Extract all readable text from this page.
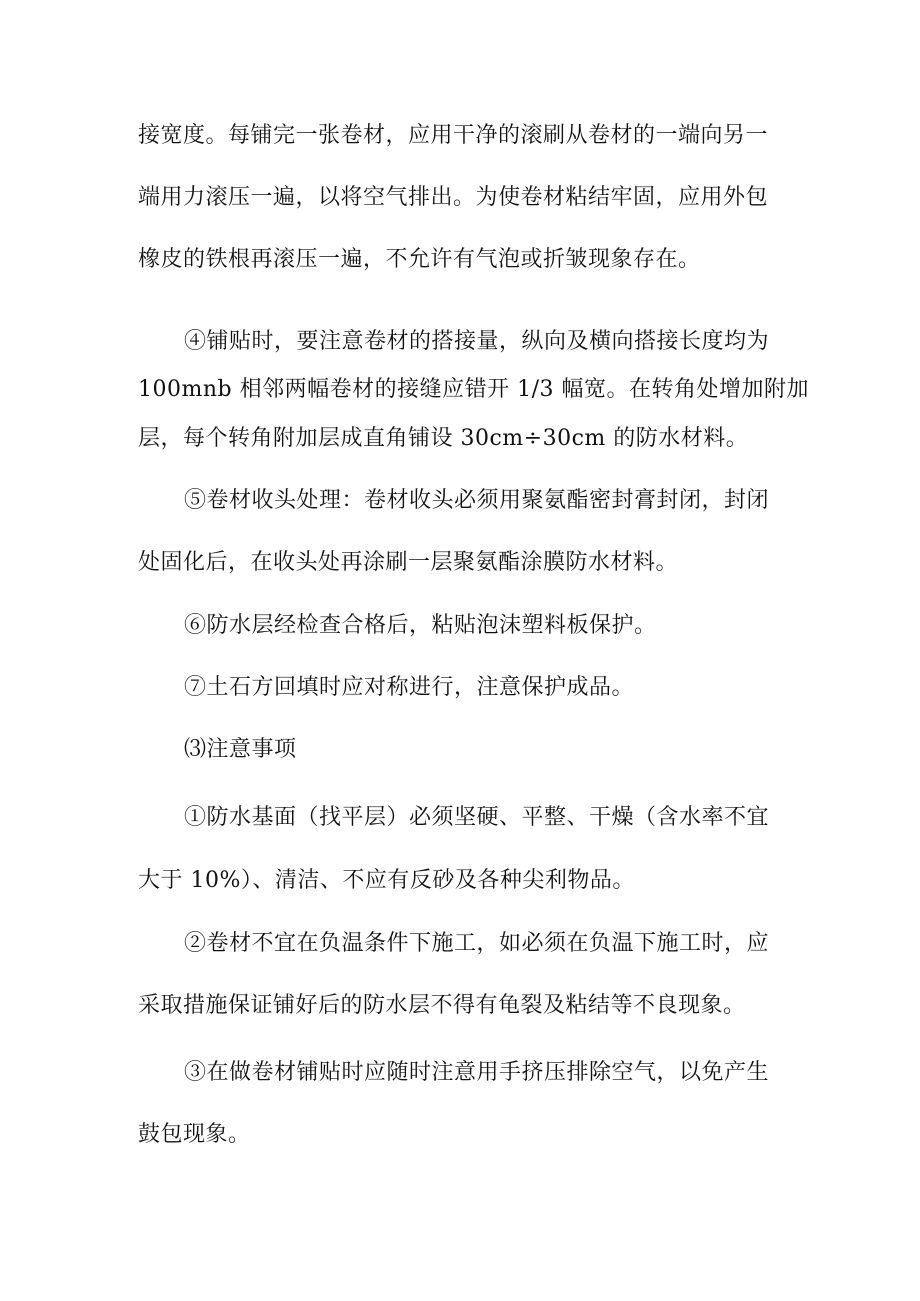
接宽度。每铺完一张卷材，应用干净的滚刷从卷材的一端向另一
端用力滚压一遍，以将空气排出。为使卷材粘结牢固，应用外包
橡皮的铁根再滚压一遍，不允许有气泡或折皱现象存在。
④铺贴时，要注意卷材的搭接量，纵向及横向搭接长度均为
100mnb 相邻两幅卷材的接缝应错开 1/3 幅宽。在转角处增加附加
层，每个转角附加层成直角铺设 30cm÷30cm 的防水材料。
⑤卷材收头处理：卷材收头必须用聚氨酯密封膏封闭，封闭
处固化后，在收头处再涂刷一层聚氨酯涂膜防水材料。
⑥防水层经检查合格后，粘贴泡沫塑料板保护。
⑦土石方回填时应对称进行，注意保护成品。
⑶注意事项
①防水基面（找平层）必须坚硬、平整、干燥（含水率不宜
大于 10%）、清洁、不应有反砂及各种尖利物品。
②卷材不宜在负温条件下施工，如必须在负温下施工时，应
采取措施保证铺好后的防水层不得有龟裂及粘结等不良现象。
③在做卷材铺贴时应随时注意用手挤压排除空气，以免产生
鼓包现象。
